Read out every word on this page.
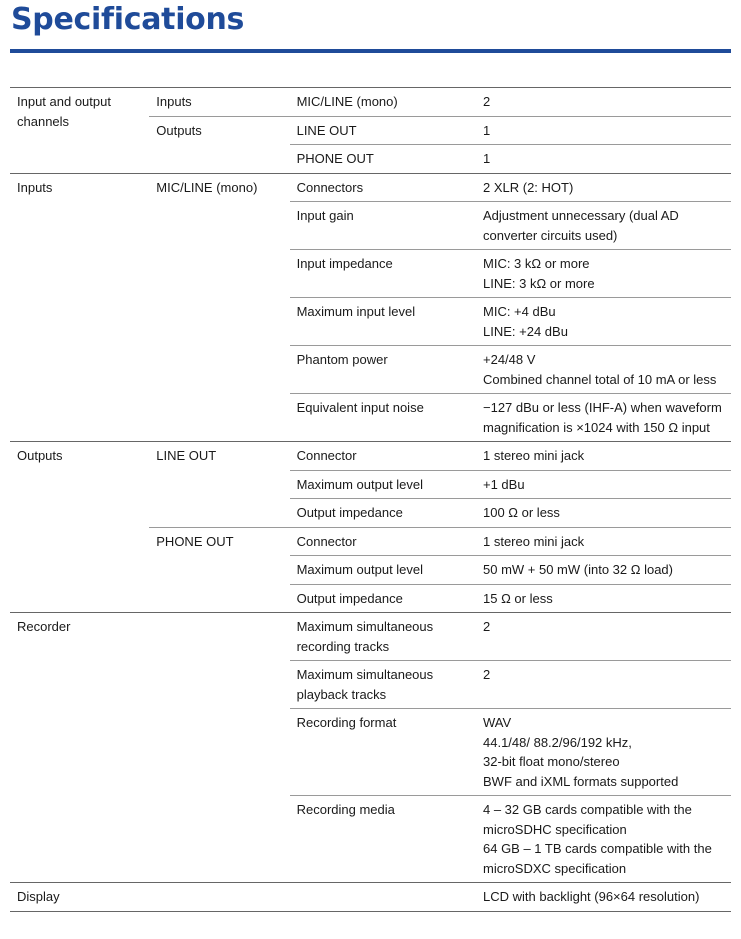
Specifications
Input and output channels	Inputs	MIC/LINE (mono)	2
	Outputs	LINE OUT	1
		PHONE OUT	1
Inputs	MIC/LINE (mono)	Connectors	2 XLR (2: HOT)
		Input gain	Adjustment unnecessary (dual AD converter circuits used)
		Input impedance	MIC: 3 kΩ or more
LINE: 3 kΩ or more
		Maximum input level	MIC: +4 dBu
LINE: +24 dBu
		Phantom power	+24/48 V
Combined channel total of 10 mA or less
		Equivalent input noise	−127 dBu or less (IHF-A) when waveform magnification is ×1024 with 150 Ω input
Outputs	LINE OUT	Connector	1 stereo mini jack
		Maximum output level	+1 dBu
		Output impedance	100 Ω or less
	PHONE OUT	Connector	1 stereo mini jack
		Maximum output level	50 mW + 50 mW (into 32 Ω load)
		Output impedance	15 Ω or less
Recorder		Maximum simultaneous recording tracks	2
		Maximum simultaneous playback tracks	2
		Recording format	WAV
44.1/48/ 88.2/96/192 kHz,
32-bit float mono/stereo
BWF and iXML formats supported
		Recording media	4 – 32 GB cards compatible with the microSDHC specification
64 GB – 1 TB cards compatible with the microSDXC specification
Display			LCD with backlight (96×64 resolution)
